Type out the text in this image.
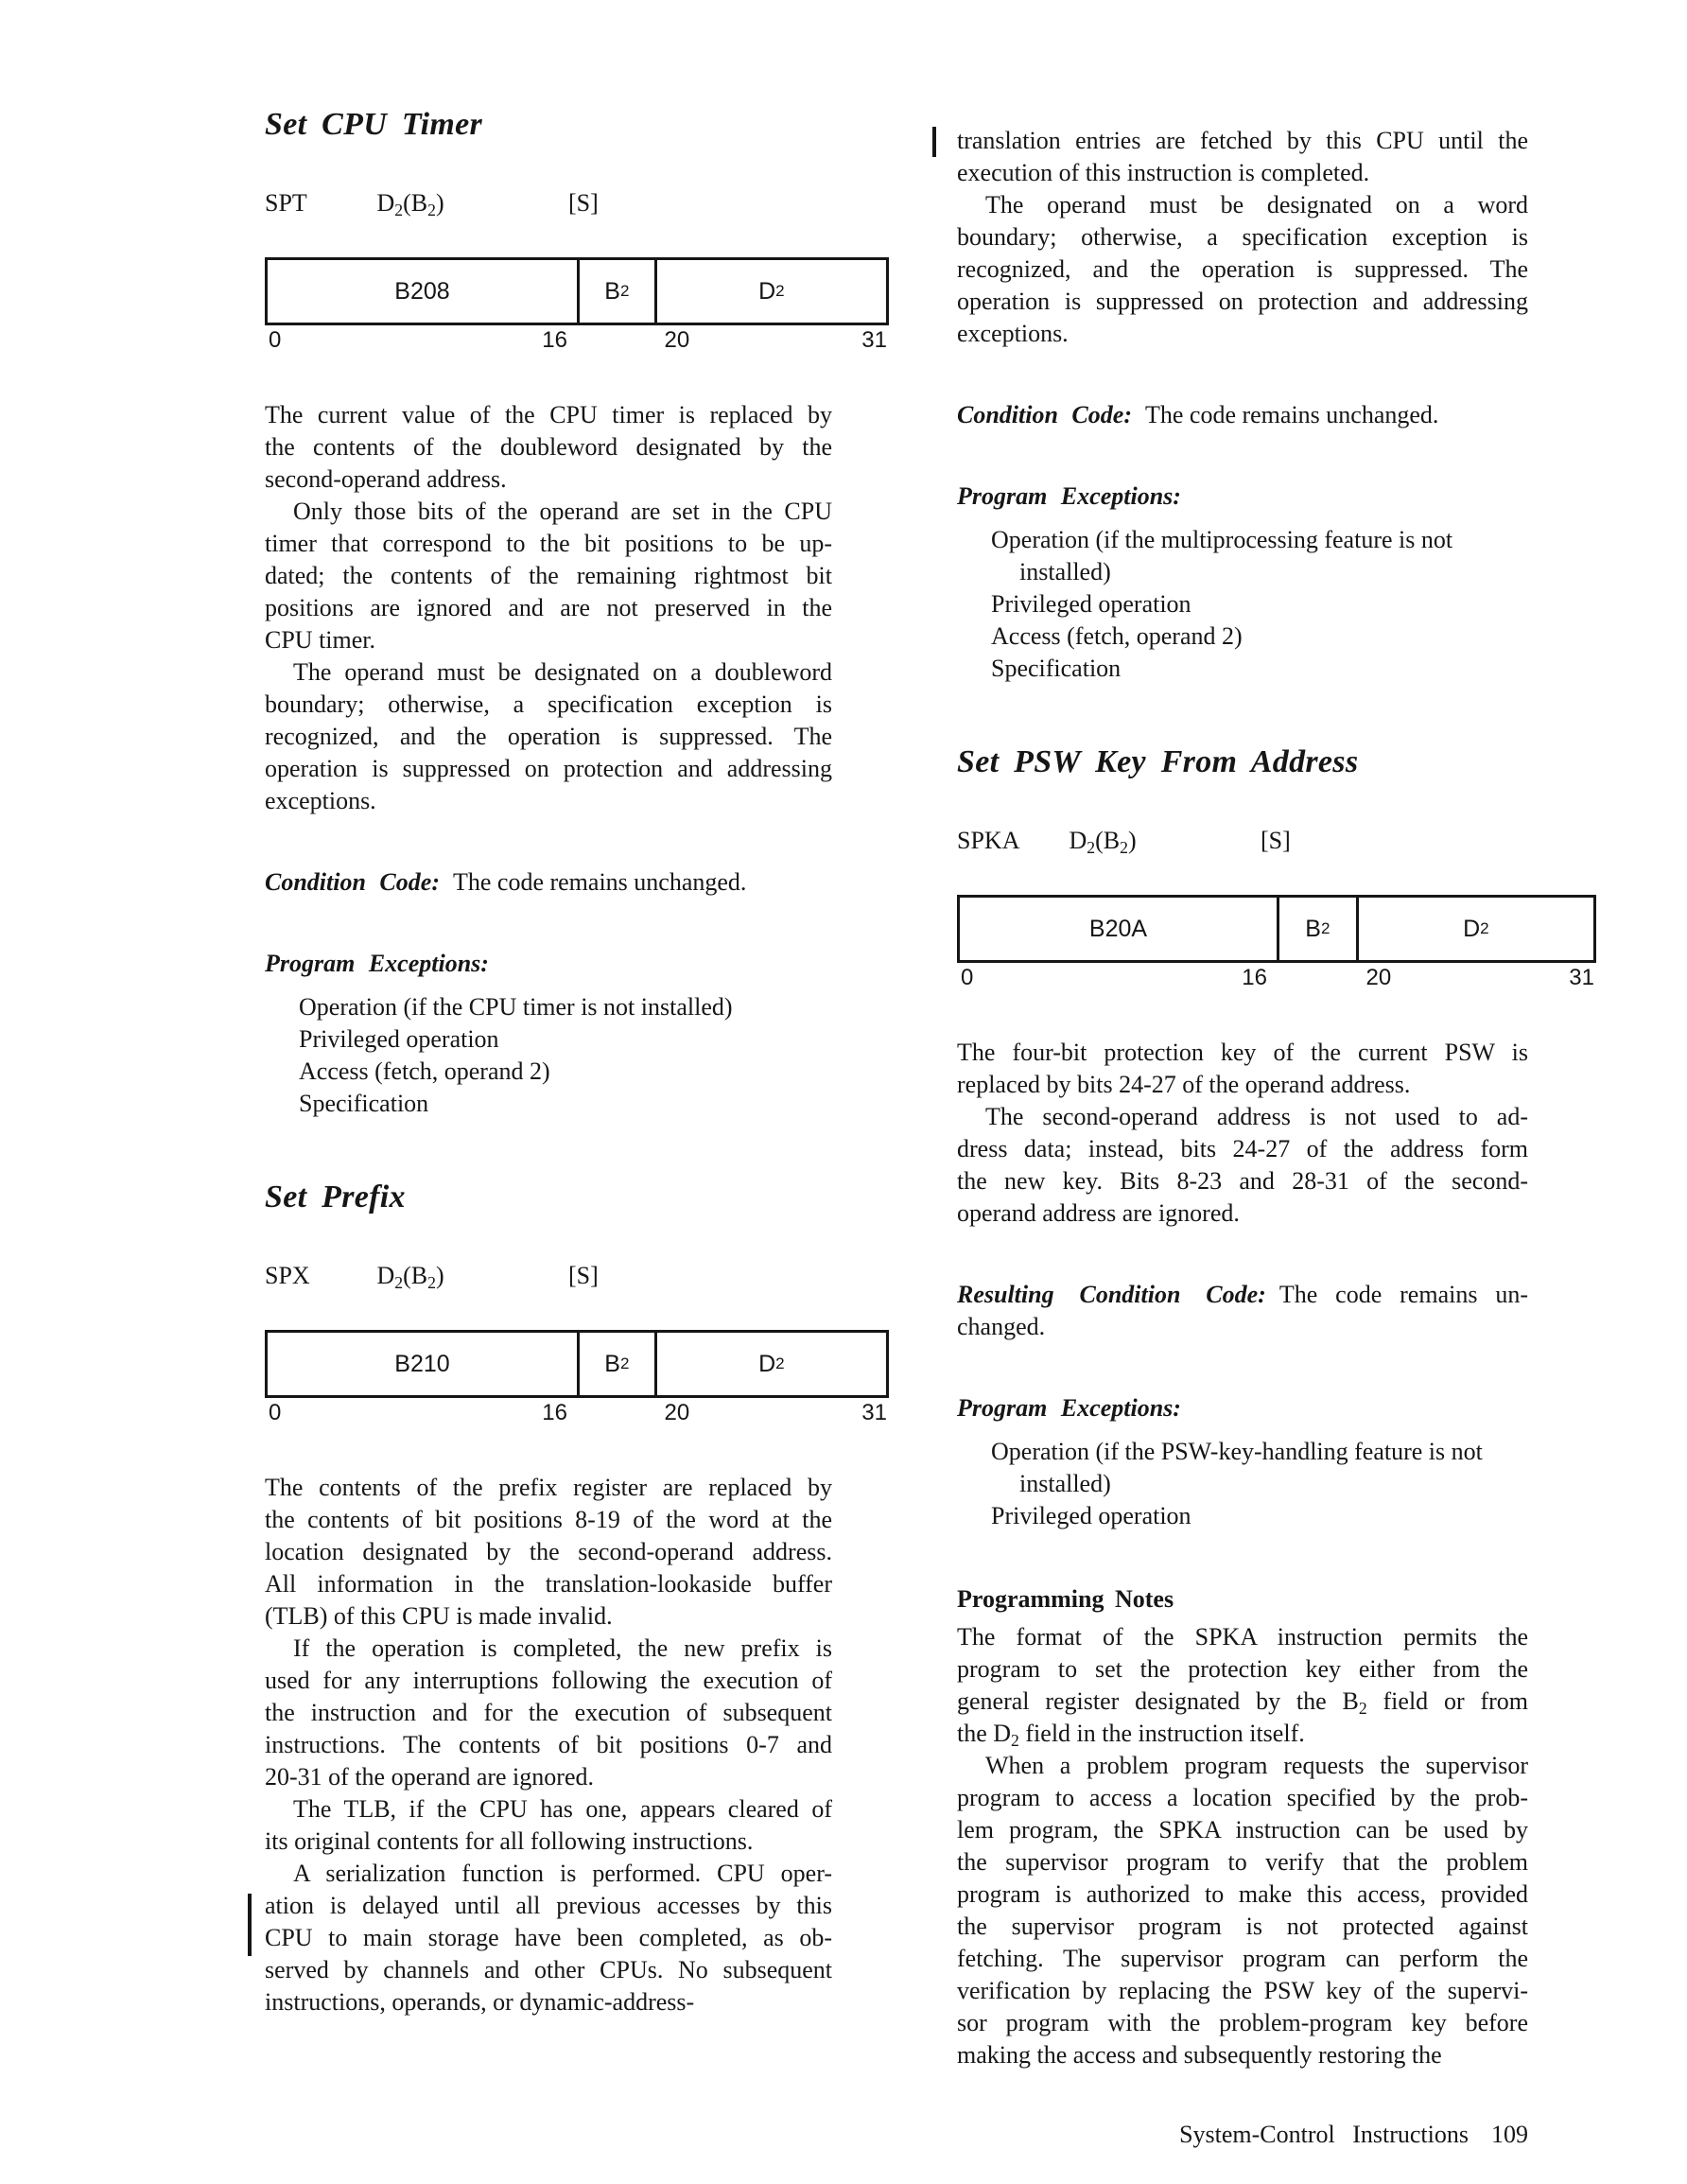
Set CPU Timer
SPT	$D_2(B_2)$	[S]
B208	B 2	D 2
16
0	20	31
The current value of the CPU timer is replaced by
the contents of the doubleword designated by the
second-operand address.
Only those bits of the operand are set in the CPU
timer that correspond to the bit positions to be up-
dated; the contents of the remaining rightmost bit
positions are ignored and are not preserved in the
CPU timer.
The operand must be designated on a doubleword
boundary; otherwise, a specification exception is
recognized, and the operation is suppressed. The
operation is suppressed on protection and addressing
exceptions.
Condition Code: The code remains unchanged.
Program Exceptions:
Operation (if the CPU timer is not installed)
Privileged operation
Access (fetch, operand 2)
Specification
Set Prefix
SPX	$D_2(B_2)$	[S]
B210	B 2	D 2
16
0	20	31
The contents of the prefix register are replaced by
the contents of bit positions 8-19 of the word at the
location designated by the second-operand address.
All information in the translation-lookaside buffer
(TLB) of this CPU is made invalid.
If the operation is completed, the new prefix is
used for any interruptions following the execution of
the instruction and for the execution of subsequent
instructions. The contents of bit positions 0-7 and
20-31 of the operand are ignored.
The TLB, if the CPU has one, appears cleared of
its original contents for all following instructions.
A serialization function is performed. CPU oper-
ation is delayed until all previous accesses by this
CPU to main storage have been completed, as ob-
served by channels and other CPUs. No subsequent
instructions, operands, or dynamic-address-
translation entries are fetched by this CPU until the
execution of this instruction is completed.
The operand must be designated on a word
boundary; otherwise, a specification exception is
recognized, and the operation is suppressed. The
operation is suppressed on protection and addressing
exceptions.
Condition Code: The code remains unchanged.
Program Exceptions:
Operation (if the multiprocessing feature is not
installed)
Privileged operation
Access (fetch, operand 2)
Specification
Set PSW Key From Address
SPKA $D_2(B_2)$	[S]
B20A	B 2	D 2
16
0	20	31
The four-bit protection key of the current PSW is
replaced by bits 24-27 of the operand address.
The second-operand address is not used to ad-
dress data; instead, bits 24-27 of the address form
the new key. Bits 8-23 and 28-31 of the second-
operand address are ignored.
Resulting Condition Code: The code remains un-
changed.
Program Exceptions:
Operation (if the PSW-key-handling feature is not
installed)
Privileged operation
Programming Notes
The format of the SPKA instruction permits the
program to set the protection key either from the
general register designated by the $B_2$ field or from
the $D_2$ field in the instruction itself.
When a problem program requests the supervisor
program to access a location specified by the prob-
lem program, the SPKA instruction can be used by
the supervisor program to verify that the problem
program is authorized to make this access, provided
the supervisor program is not protected against
fetching. The supervisor program can perform the
verification by replacing the PSW key of the supervi-
sor program with the problem-program key before
making the access and subsequently restoring the
System-Control Instructions 109
